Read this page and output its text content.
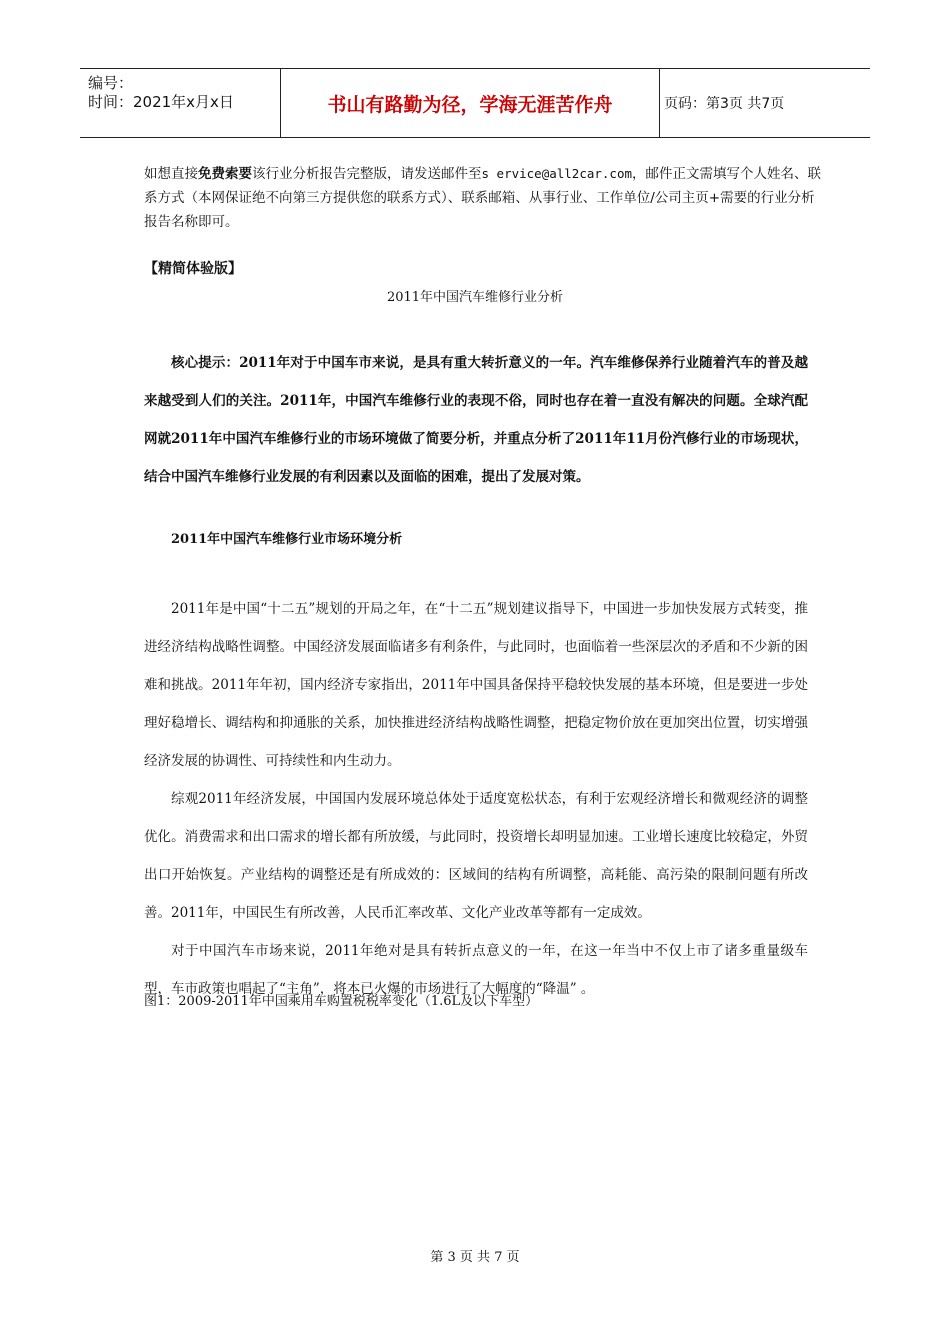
编号：
时间：2021年x月x日	书山有路勤为径，学海无涯苦作舟	页码：第3页 共7页
如想直接免费索要该行业分析报告完整版，请发送邮件至s ervice@all2car.com，邮件正文需填写个人姓名、联系方式（本网保证绝不向第三方提供您的联系方式）、联系邮箱、从事行业、工作单位/公司主页+需要的行业分析报告名称即可。
【精简体验版】
2011年中国汽车维修行业分析
核心提示：2011年对于中国车市来说，是具有重大转折意义的一年。汽车维修保养行业随着汽车的普及越来越受到人们的关注。2011年，中国汽车维修行业的表现不俗，同时也存在着一直没有解决的问题。全球汽配网就2011年中国汽车维修行业的市场环境做了简要分析，并重点分析了2011年11月份汽修行业的市场现状，结合中国汽车维修行业发展的有利因素以及面临的困难，提出了发展对策。
2011年中国汽车维修行业市场环境分析

2011年是中国“十二五”规划的开局之年，在“十二五”规划建议指导下，中国进一步加快发展方式转变，推进经济结构战略性调整。中国经济发展面临诸多有利条件，与此同时，也面临着一些深层次的矛盾和不少新的困难和挑战。2011年年初，国内经济专家指出，2011年中国具备保持平稳较快发展的基本环境，但是要进一步处理好稳增长、调结构和抑通胀的关系，加快推进经济结构战略性调整，把稳定物价放在更加突出位置，切实增强经济发展的协调性、可持续性和内生动力。

综观2011年经济发展，中国国内发展环境总体处于适度宽松状态，有利于宏观经济增长和微观经济的调整优化。消费需求和出口需求的增长都有所放缓，与此同时，投资增长却明显加速。工业增长速度比较稳定，外贸出口开始恢复。产业结构的调整还是有所成效的：区域间的结构有所调整，高耗能、高污染的限制问题有所改善。2011年，中国民生有所改善，人民币汇率改革、文化产业改革等都有一定成效。

对于中国汽车市场来说，2011年绝对是具有转折点意义的一年，在这一年当中不仅上市了诸多重量级车型，车市政策也唱起了“主角”，将本已火爆的市场进行了大幅度的“降温” 。

图1：2009-2011年中国乘用车购置税税率变化（1.6L及以下车型）
第 3 页 共 7 页
